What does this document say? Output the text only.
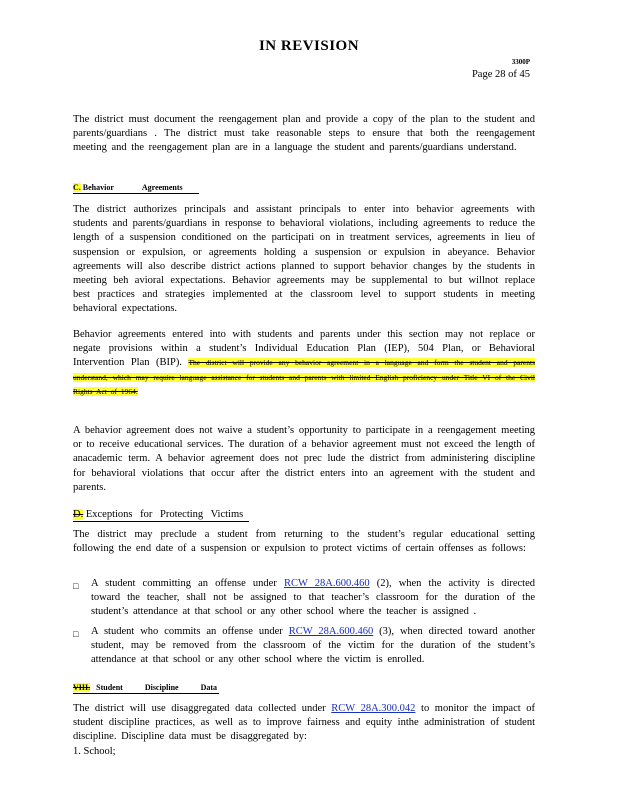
IN REVISION
3300P
Page 28 of 45

The district must document the reengagement plan and provide a copy of the plan to the student and parents/guardians . The district must take reasonable steps to ensure that both the reengagement meeting and the reengagement plan are in a language the student and parents/guardians understand.

C. Behavior	Agreements

The district authorizes principals and assistant principals to enter into behavior agreements with students and parents/guardians in response to behavioral violations, including agreements to reduce the length of a suspension conditioned on the participati on in treatment services, agreements in lieu of suspension or expulsion, or agreements holding a suspension or expulsion in abeyance. Behavior agreements will also describe district actions planned to support behavior changes by the students in meeting beh avioral expectations. Behavior agreements may be supplemental to but willnot replace best practices and strategies implemented at the classroom level to support students in meeting behavioral expectations.

Behavior agreements entered into with students and parents under this section may not replace or negate provisions within a student’s Individual Education Plan (IEP), 504 Plan, or Behavioral Intervention Plan (BIP). The district will provide any behavior agreement in a language and form the student and parents understand, which may require language assistance for students and parents with limited English proficiency under Title VI of the Civil Rights Act of 1964.

A behavior agreement does not waive a student’s opportunity to participate in a reengagement meeting or to receive educational services. The duration of a behavior agreement must not exceed the length of anacademic term. A behavior agreement does not prec lude the district from administering discipline for behavioral violations that occur after the district enters into an agreement with the student and parents.

D. Exceptions for Protecting Victims

The district may preclude a student from returning to the student’s regular educational setting following the end date of a suspension or expulsion to protect victims of certain offenses as follows:

□ A student committing an offense under RCW 28A.600.460 (2), when the activity is directed toward the teacher, shall not be assigned to that teacher’s classroom for the duration of the student’s attendance at that school or any other school where the teacher is assigned .
□ A student who commits an offense under RCW 28A.600.460 (3), when directed toward another student, may be removed from the classroom of the victim for the duration of the student’s attendance at that school or any other school where the victim is enrolled.
VIII. Student	Discipline	Data

The district will use disaggregated data collected under RCW 28A.300.042 to monitor the impact of student discipline practices, as well as to improve fairness and equity inthe administration of student discipline. Discipline data must be disaggregated by:

1. School;
